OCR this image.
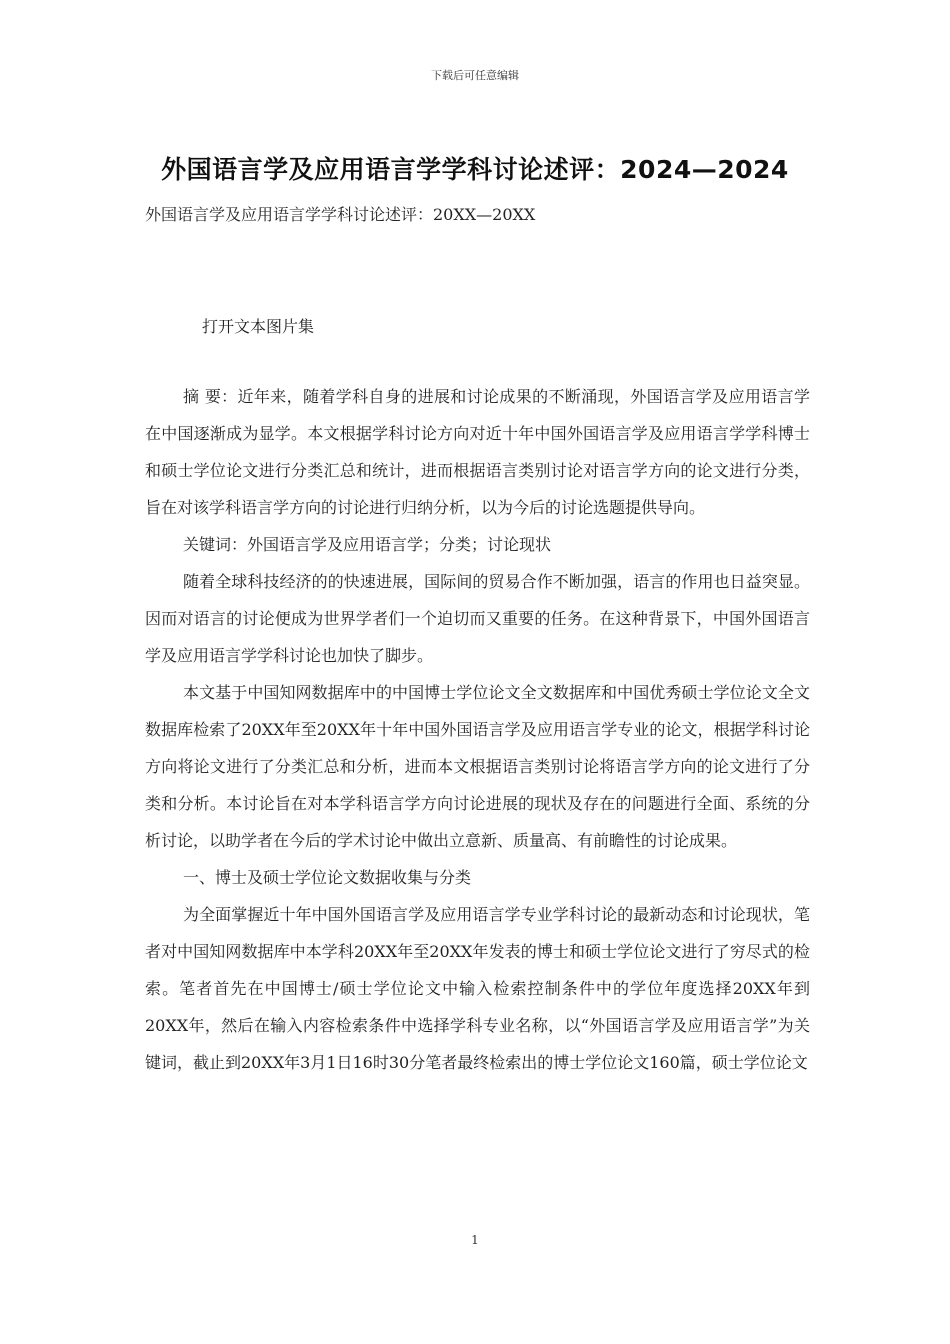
下载后可任意编辑
外国语言学及应用语言学学科讨论述评：2024—2024
外国语言学及应用语言学学科讨论述评：20XX—20XX
打开文本图片集

摘 要：近年来，随着学科自身的进展和讨论成果的不断涌现，外国语言学及应用语言学在中国逐渐成为显学。本文根据学科讨论方向对近十年中国外国语言学及应用语言学学科博士和硕士学位论文进行分类汇总和统计，进而根据语言类别讨论对语言学方向的论文进行分类，旨在对该学科语言学方向的讨论进行归纳分析，以为今后的讨论选题提供导向。

关键词：外国语言学及应用语言学；分类；讨论现状

随着全球科技经济的的快速进展，国际间的贸易合作不断加强，语言的作用也日益突显。因而对语言的讨论便成为世界学者们一个迫切而又重要的任务。在这种背景下，中国外国语言学及应用语言学学科讨论也加快了脚步。

本文基于中国知网数据库中的中国博士学位论文全文数据库和中国优秀硕士学位论文全文数据库检索了20XX年至20XX年十年中国外国语言学及应用语言学专业的论文，根据学科讨论方向将论文进行了分类汇总和分析，进而本文根据语言类别讨论将语言学方向的论文进行了分类和分析。本讨论旨在对本学科语言学方向讨论进展的现状及存在的问题进行全面、系统的分析讨论，以助学者在今后的学术讨论中做出立意新、质量高、有前瞻性的讨论成果。

一、博士及硕士学位论文数据收集与分类

为全面掌握近十年中国外国语言学及应用语言学专业学科讨论的最新动态和讨论现状，笔者对中国知网数据库中本学科20XX年至20XX年发表的博士和硕士学位论文进行了穷尽式的检索。笔者首先在中国博士/硕士学位论文中输入检索控制条件中的学位年度选择20XX年到20XX年，然后在输入内容检索条件中选择学科专业名称，以“外国语言学及应用语言学”为关键词，截止到20XX年3月1日16时30分笔者最终检索出的博士学位论文160篇，硕士学位论文

1
